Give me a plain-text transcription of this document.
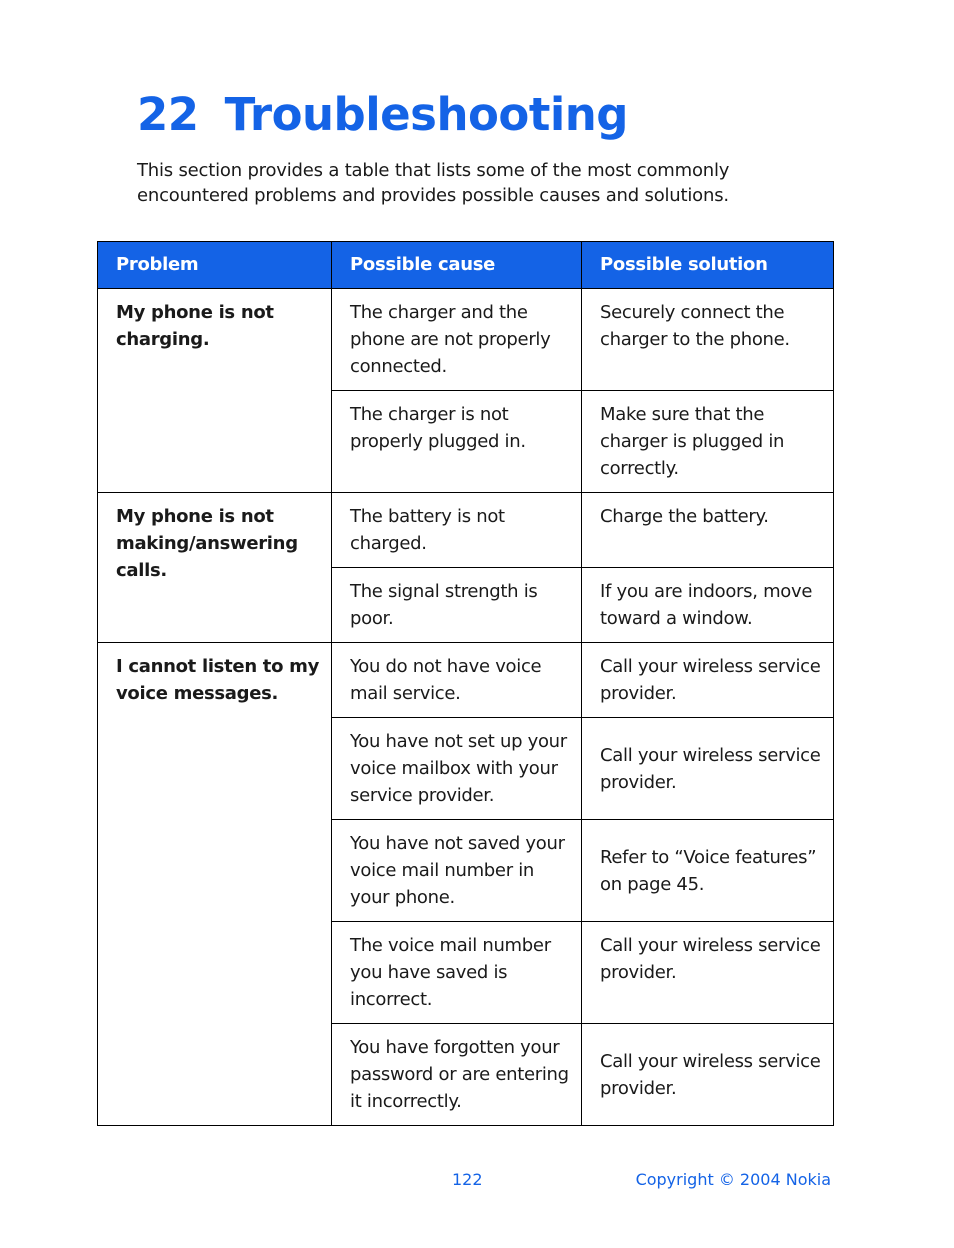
22 Troubleshooting

This section provides a table that lists some of the most commonly encountered problems and provides possible causes and solutions.

Problem	Possible cause	Possible solution
My phone is not charging.	The charger and the phone are not properly connected.	Securely connect the charger to the phone.
	The charger is not properly plugged in.	Make sure that the charger is plugged in correctly.
My phone is not making/answering calls.	The battery is not charged.	Charge the battery.
	The signal strength is poor.	If you are indoors, move toward a window.
I cannot listen to my voice messages.	You do not have voice mail service.	Call your wireless service provider.
	You have not set up your voice mailbox with your service provider.	Call your wireless service provider.
	You have not saved your voice mail number in your phone.	Refer to “Voice features” on page 45.
	The voice mail number you have saved is incorrect.	Call your wireless service provider.
	You have forgotten your password or are entering it incorrectly.	Call your wireless service provider.
122	Copyright © 2004 Nokia
